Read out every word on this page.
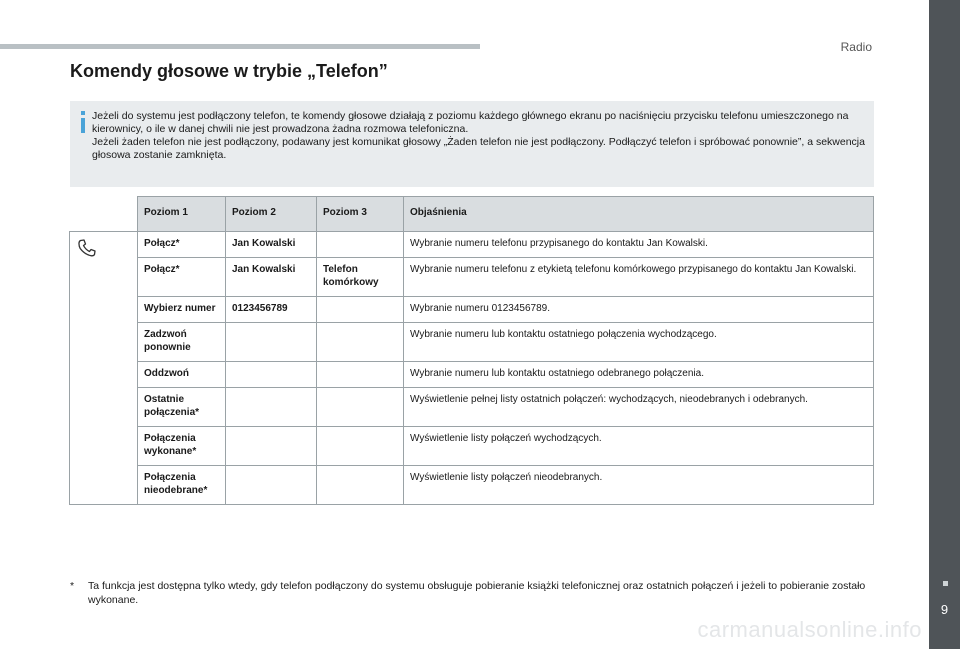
Radio
9
Komendy głosowe w trybie „Telefon”

Jeżeli do systemu jest podłączony telefon, te komendy głosowe działają z poziomu każdego głównego ekranu po naciśnięciu przycisku telefonu umieszczonego na kierownicy, o ile w danej chwili nie jest prowadzona żadna rozmowa telefoniczna.

Jeżeli żaden telefon nie jest podłączony, podawany jest komunikat głosowy „Żaden telefon nie jest podłączony. Podłączyć telefon i spróbować ponownie”, a sekwencja głosowa zostanie zamknięta.

	Poziom 1	Poziom 2	Poziom 3	Objaśnienia
	Połącz*	Jan Kowalski		Wybranie numeru telefonu przypisanego do kontaktu Jan Kowalski.
	Połącz*	Jan Kowalski	Telefon komórkowy	Wybranie numeru telefonu z etykietą telefonu komórkowego przypisanego do kontaktu Jan Kowalski.
	Wybierz numer	0123456789		Wybranie numeru 0123456789.
	Zadzwoń ponownie			Wybranie numeru lub kontaktu ostatniego połączenia wychodzącego.
	Oddzwoń			Wybranie numeru lub kontaktu ostatniego odebranego połączenia.
	Ostatnie połączenia*			Wyświetlenie pełnej listy ostatnich połączeń: wychodzących, nieodebranych i odebranych.
	Połączenia wykonane*			Wyświetlenie listy połączeń wychodzących.
	Połączenia nieodebrane*			Wyświetlenie listy połączeń nieodebranych.
* Ta funkcja jest dostępna tylko wtedy, gdy telefon podłączony do systemu obsługuje pobieranie książki telefonicznej oraz ostatnich połączeń i jeżeli to pobieranie zostało wykonane.
carmanualsonline.info
